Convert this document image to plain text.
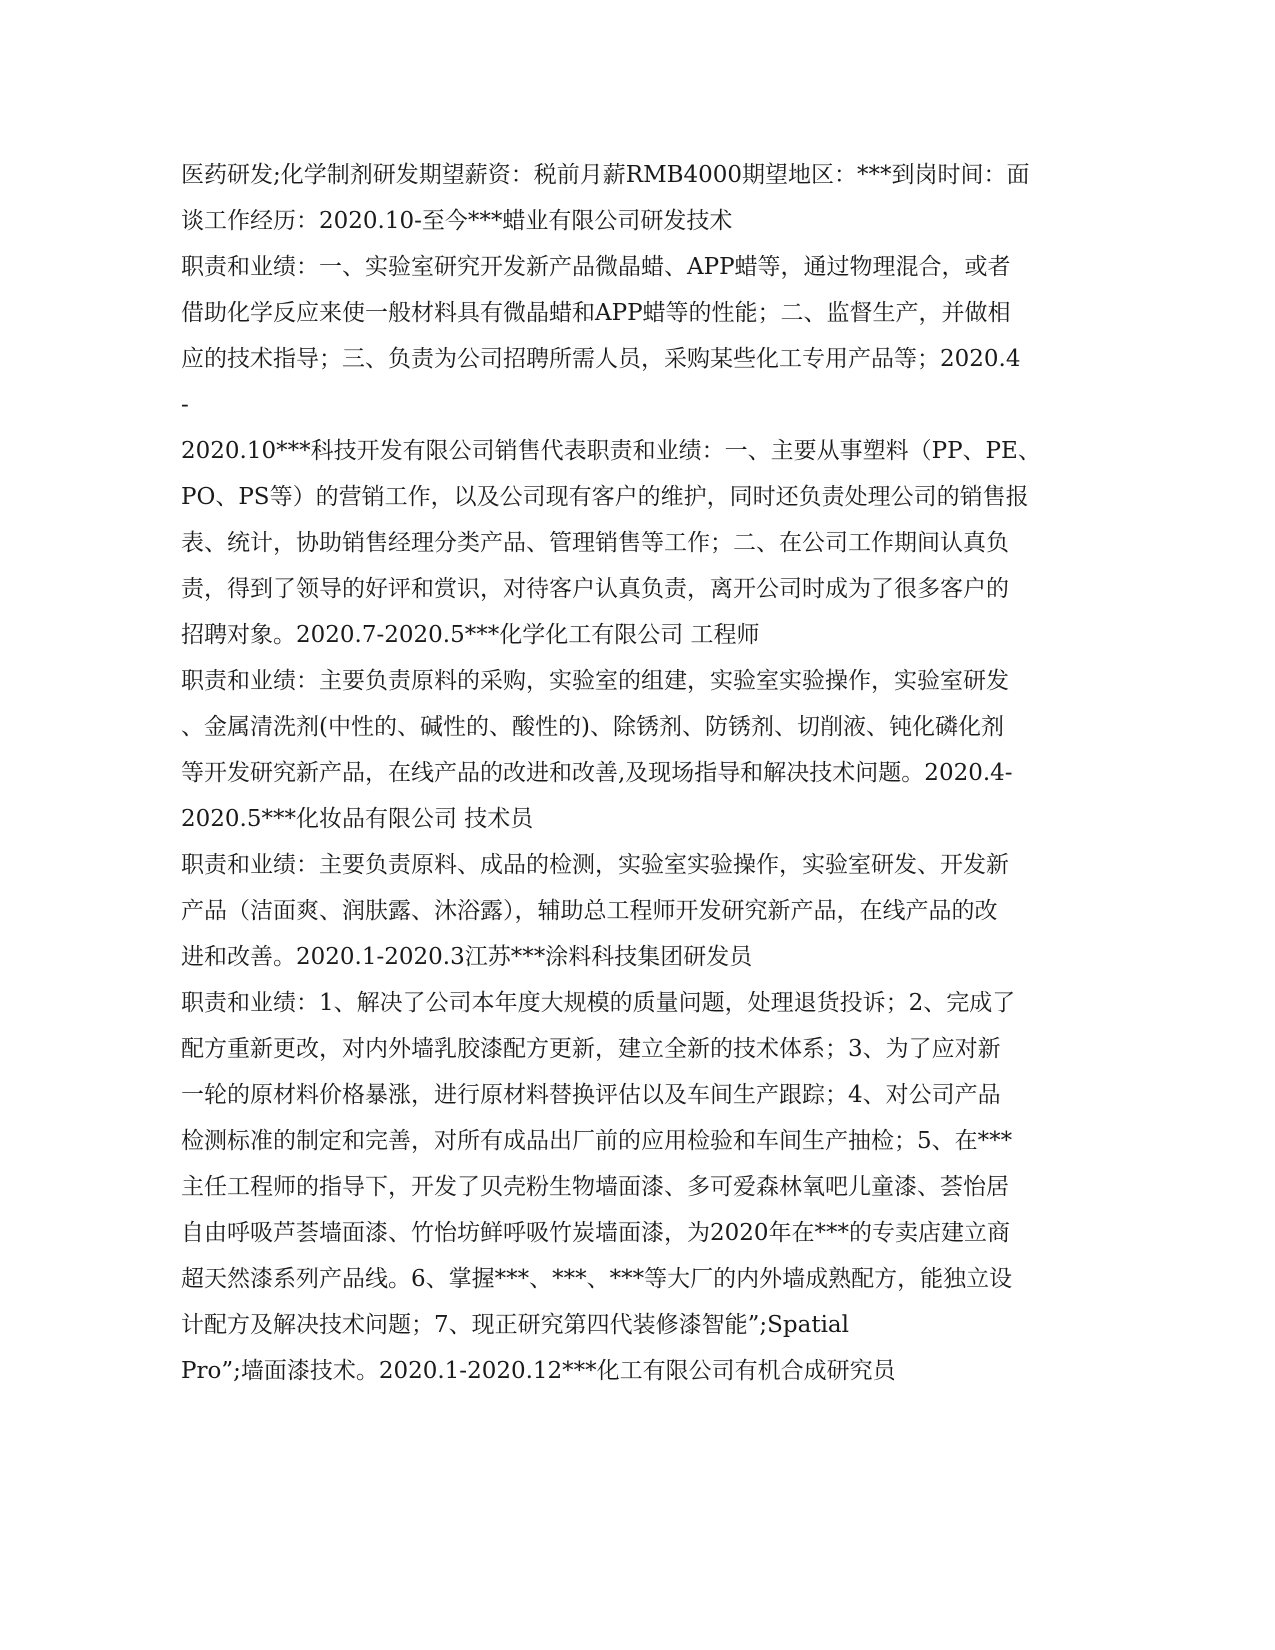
医药研发;化学制剂研发期望薪资：税前月薪RMB4000期望地区：***到岗时间：面
谈工作经历：2020.10-至今***蜡业有限公司研发技术
职责和业绩：一、实验室研究开发新产品微晶蜡、APP蜡等，通过物理混合，或者
借助化学反应来使一般材料具有微晶蜡和APP蜡等的性能；二、监督生产，并做相
应的技术指导；三、负责为公司招聘所需人员，采购某些化工专用产品等；2020.4
-
2020.10***科技开发有限公司销售代表职责和业绩：一、主要从事塑料（PP、PE、
PO、PS等）的营销工作，以及公司现有客户的维护，同时还负责处理公司的销售报
表、统计，协助销售经理分类产品、管理销售等工作；二、在公司工作期间认真负
责，得到了领导的好评和赏识，对待客户认真负责，离开公司时成为了很多客户的
招聘对象。2020.7-2020.5***化学化工有限公司 工程师
职责和业绩：主要负责原料的采购，实验室的组建，实验室实验操作，实验室研发
、金属清洗剂(中性的、碱性的、酸性的)、除锈剂、防锈剂、切削液、钝化磷化剂
等开发研究新产品，在线产品的改进和改善,及现场指导和解决技术问题。2020.4-
2020.5***化妆品有限公司 技术员
职责和业绩：主要负责原料、成品的检测，实验室实验操作，实验室研发、开发新
产品（洁面爽、润肤露、沐浴露），辅助总工程师开发研究新产品，在线产品的改
进和改善。2020.1-2020.3江苏***涂料科技集团研发员
职责和业绩：1、解决了公司本年度大规模的质量问题，处理退货投诉；2、完成了
配方重新更改，对内外墙乳胶漆配方更新，建立全新的技术体系；3、为了应对新
一轮的原材料价格暴涨，进行原材料替换评估以及车间生产跟踪；4、对公司产品
检测标准的制定和完善，对所有成品出厂前的应用检验和车间生产抽检；5、在***
主任工程师的指导下，开发了贝壳粉生物墙面漆、多可爱森林氧吧儿童漆、荟怡居
自由呼吸芦荟墙面漆、竹怡坊鲜呼吸竹炭墙面漆，为2020年在***的专卖店建立商
超天然漆系列产品线。6、掌握***、***、***等大厂的内外墙成熟配方，能独立设
计配方及解决技术问题；7、现正研究第四代装修漆智能”;Spatial
Pro”;墙面漆技术。2020.1-2020.12***化工有限公司有机合成研究员
